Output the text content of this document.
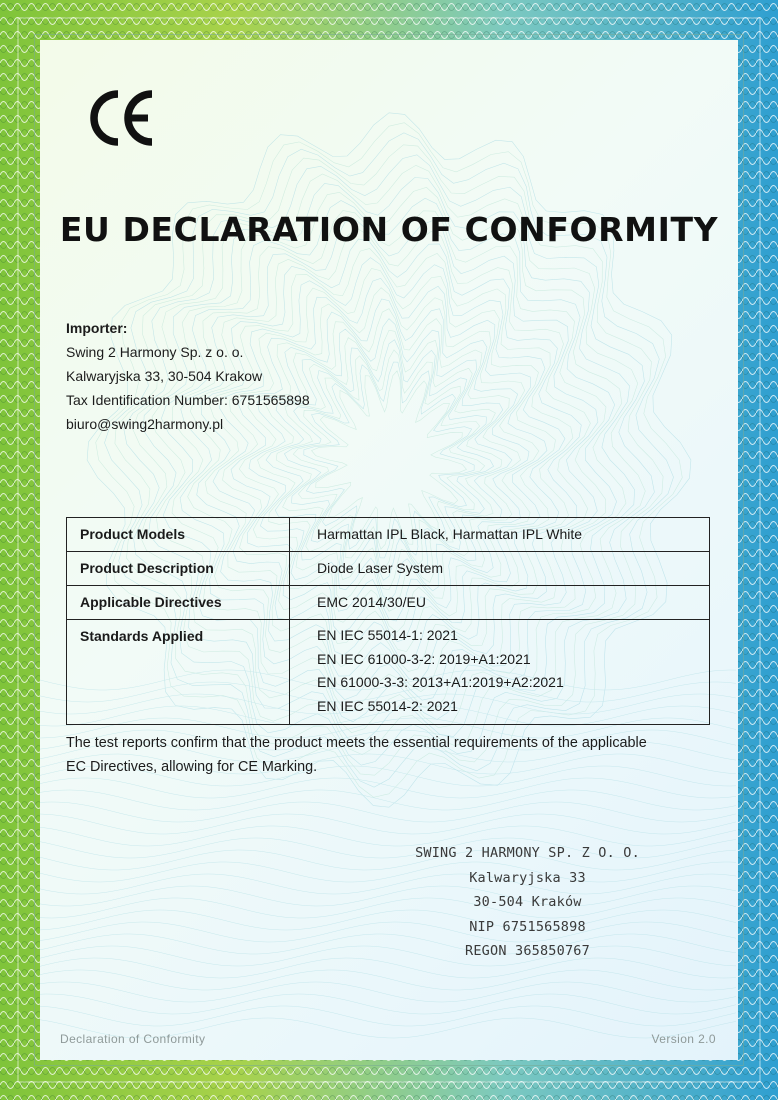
EU DECLARATION OF CONFORMITY
Importer:
Swing 2 Harmony Sp. z o. o.
Kalwaryjska 33, 30-504 Krakow
Tax Identification Number: 6751565898
biuro@swing2harmony.pl
Product Models	Harmattan IPL Black, Harmattan IPL White
Product Description	Diode Laser System
Applicable Directives	EMC 2014/30/EU
Standards Applied	EN IEC 55014-1: 2021
EN IEC 61000-3-2: 2019+A1:2021
EN 61000-3-3: 2013+A1:2019+A2:2021
EN IEC 55014-2: 2021
The test reports confirm that the product meets the essential requirements of the applicable EC Directives, allowing for CE Marking.
SWING 2 HARMONY SP. Z O. O.
Kalwaryjska 33
30-504 Kraków
NIP 6751565898
REGON 365850767
Declaration of Conformity	Version 2.0
